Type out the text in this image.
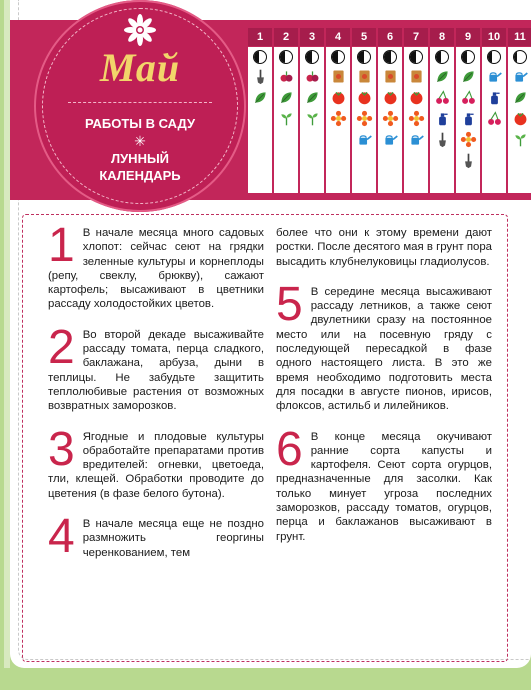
1	2	3	4	5	6	7	8	9	10	11
Май
РАБОТЫ В САДУ
✳
ЛУННЫЙ
КАЛЕНДАРЬ
1 В начале месяца много садовых хлопот: сейчас сеют на грядки зеленные культуры и корнеплоды (репу, свеклу, брюкву), сажают картофель; высаживают в цветники рассаду холодостойких цветов.
2 Во второй декаде высаживайте рассаду томата, перца сладкого, баклажана, арбуза, дыни в теплицы. Не забудьте защитить теплолюбивые растения от возможных возвратных заморозков.
3 Ягодные и плодовые культуры обработайте препаратами против вредителей: огневки, цветоеда, тли, клещей. Обработки проводите до цветения (в фазе белого бутона).
4 В начале месяца еще не поздно размножить георгины черенкованием, тем
более что они к этому времени дают ростки. После десятого мая в грунт пора высадить клубнелуковицы гладиолусов.
5 В середине месяца высаживают рассаду летников, а также сеют двулетники сразу на постоянное место или на посевную гряду с последующей пересадкой в фазе одного настоящего листа. В это же время необходимо подготовить места для посадки в августе пионов, ирисов, флоксов, астильб и лилейников.
6 В конце месяца окучивают ранние сорта капусты и картофеля. Сеют сорта огурцов, предназначенные для засолки. Как только минует угроза последних заморозков, рассаду томатов, огурцов, перца и баклажанов высаживают в грунт.
